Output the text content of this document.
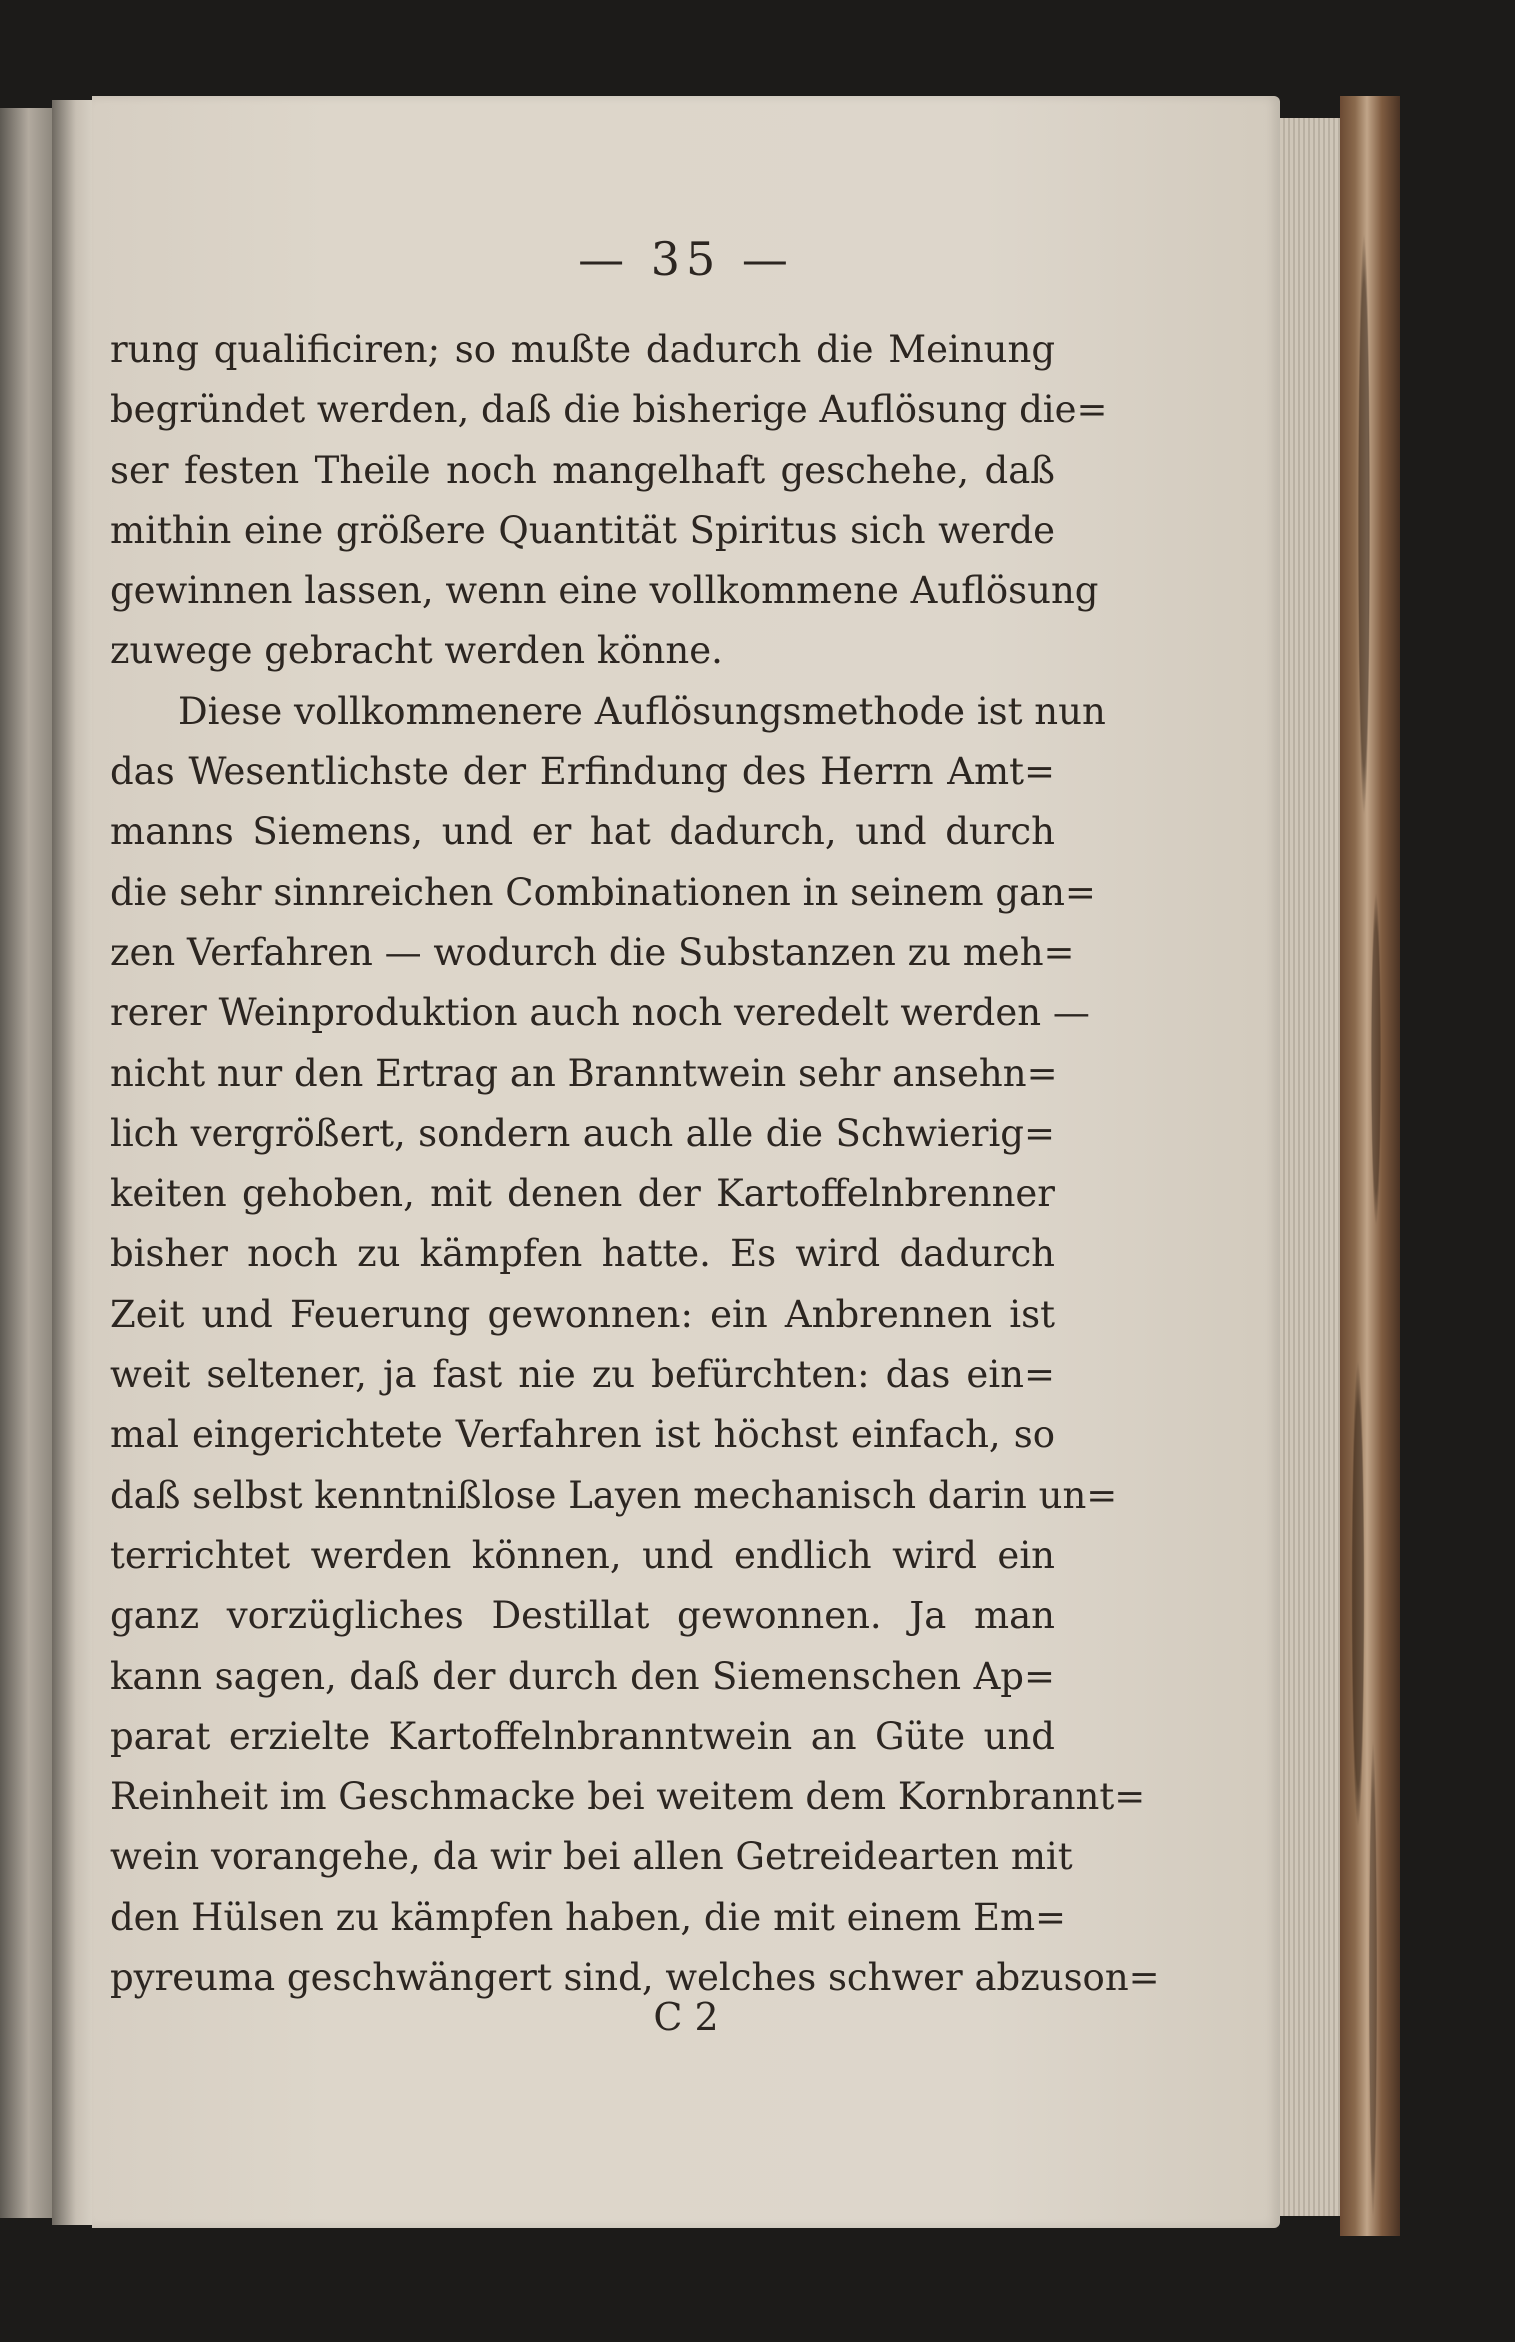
— 35 —
rung qualificiren; so mußte dadurch die Meinung
begründet werden, daß die bisherige Auflösung die=
ser festen Theile noch mangelhaft geschehe, daß
mithin eine größere Quantität Spiritus sich werde
gewinnen lassen, wenn eine vollkommene Auflösung
zuwege gebracht werden könne.
Diese vollkommenere Auflösungsmethode ist nun
das Wesentlichste der Erfindung des Herrn Amt=
manns Siemens, und er hat dadurch, und durch
die sehr sinnreichen Combinationen in seinem gan=
zen Verfahren — wodurch die Substanzen zu meh=
rerer Weinproduktion auch noch veredelt werden —
nicht nur den Ertrag an Branntwein sehr ansehn=
lich vergrößert, sondern auch alle die Schwierig=
keiten gehoben, mit denen der Kartoffelnbrenner
bisher noch zu kämpfen hatte. Es wird dadurch
Zeit und Feuerung gewonnen: ein Anbrennen ist
weit seltener, ja fast nie zu befürchten: das ein=
mal eingerichtete Verfahren ist höchst einfach, so
daß selbst kenntnißlose Layen mechanisch darin un=
terrichtet werden können, und endlich wird ein
ganz vorzügliches Destillat gewonnen. Ja man
kann sagen, daß der durch den Siemenschen Ap=
parat erzielte Kartoffelnbranntwein an Güte und
Reinheit im Geschmacke bei weitem dem Kornbrannt=
wein vorangehe, da wir bei allen Getreidearten mit
den Hülsen zu kämpfen haben, die mit einem Em=
pyreuma geschwängert sind, welches schwer abzuson=
C 2
